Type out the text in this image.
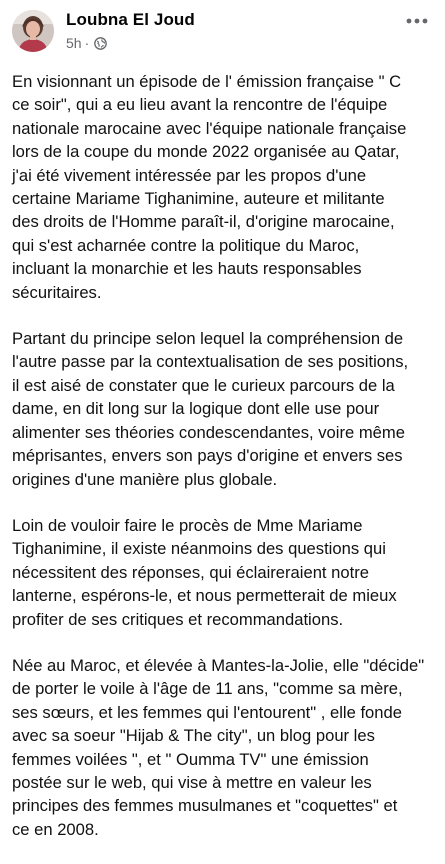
Loubna El Joud
5h ·

En visionnant un épisode de l' émission française " C
ce soir", qui a eu lieu avant la rencontre de l'équipe
nationale marocaine avec l'équipe nationale française
lors de la coupe du monde 2022 organisée au Qatar,
j'ai été vivement intéressée par les propos d'une
certaine Mariame Tighanimine, auteure et militante
des droits de l'Homme paraît-il, d'origine marocaine,
qui s'est acharnée contre la politique du Maroc,
incluant la monarchie et les hauts responsables
sécuritaires.

Partant du principe selon lequel la compréhension de
l'autre passe par la contextualisation de ses positions,
il est aisé de constater que le curieux parcours de la
dame, en dit long sur la logique dont elle use pour
alimenter ses théories condescendantes, voire même
méprisantes, envers son pays d'origine et envers ses
origines d'une manière plus globale.

Loin de vouloir faire le procès de Mme Mariame
Tighanimine, il existe néanmoins des questions qui
nécessitent des réponses, qui éclaireraient notre
lanterne, espérons-le, et nous permetterait de mieux
profiter de ses critiques et recommandations.

Née au Maroc, et élevée à Mantes-la-Jolie, elle "décide"
de porter le voile à l'âge de 11 ans, "comme sa mère,
ses sœurs, et les femmes qui l'entourent" , elle fonde
avec sa soeur "Hijab & The city", un blog pour les
femmes voilées ", et " Oumma TV" une émission
postée sur le web, qui vise à mettre en valeur les
principes des femmes musulmanes et "coquettes" et
ce en 2008.
